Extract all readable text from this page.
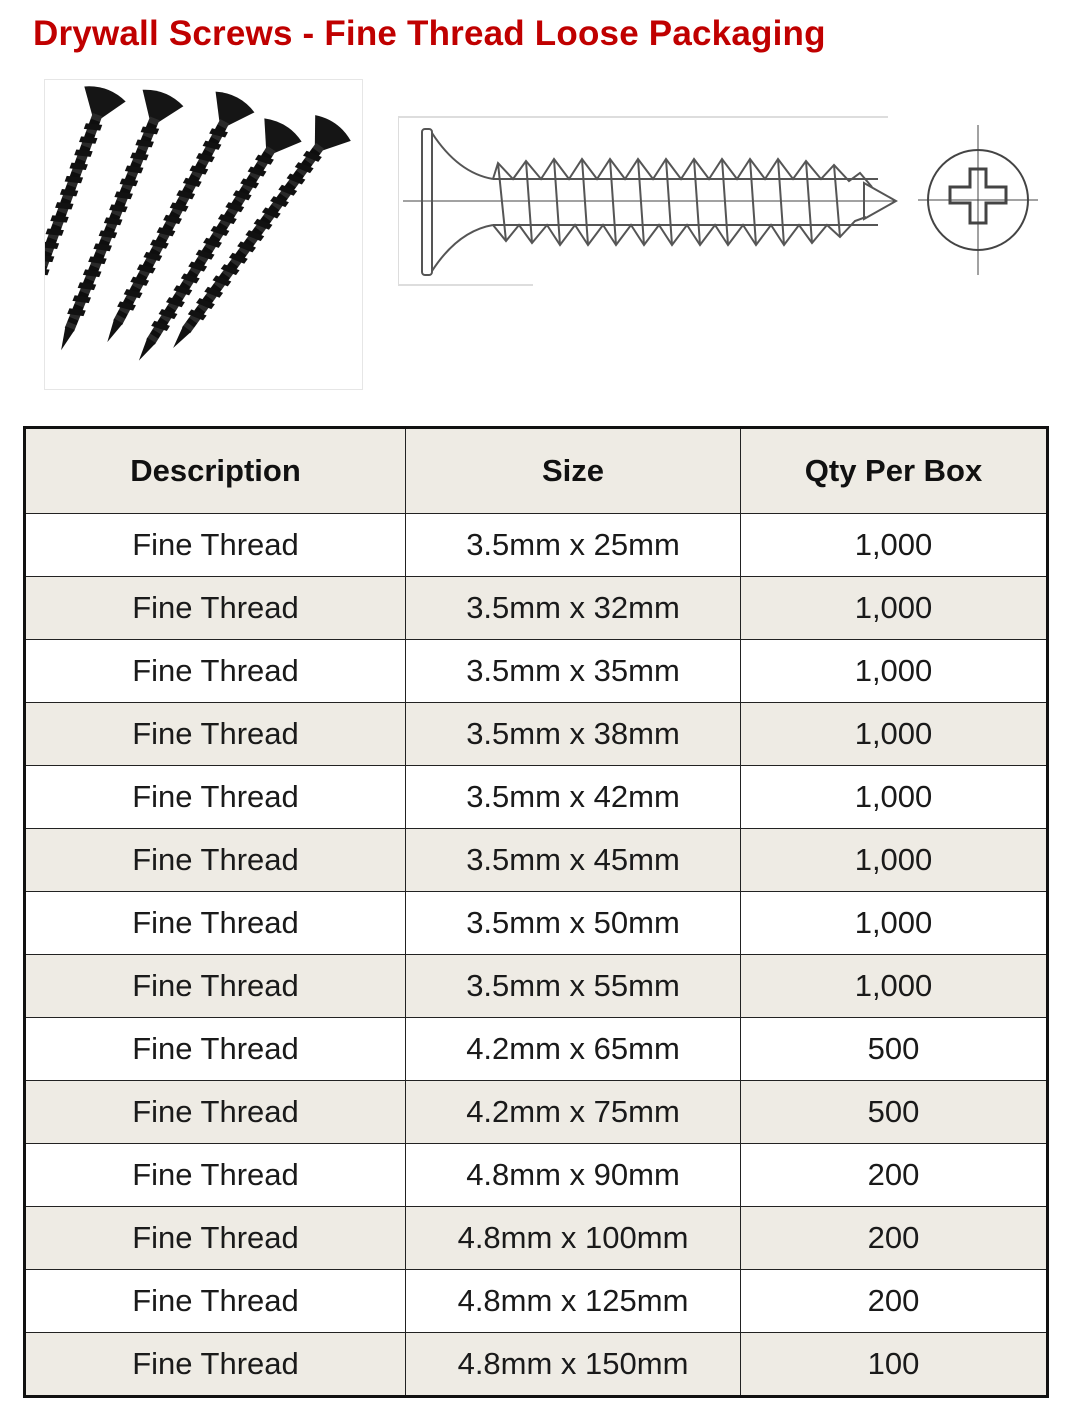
Drywall Screws - Fine Thread Loose Packaging
Description	Size	Qty Per Box
Fine Thread	3.5mm x 25mm	1,000
Fine Thread	3.5mm x 32mm	1,000
Fine Thread	3.5mm x 35mm	1,000
Fine Thread	3.5mm x 38mm	1,000
Fine Thread	3.5mm x 42mm	1,000
Fine Thread	3.5mm x 45mm	1,000
Fine Thread	3.5mm x 50mm	1,000
Fine Thread	3.5mm x 55mm	1,000
Fine Thread	4.2mm x 65mm	500
Fine Thread	4.2mm x 75mm	500
Fine Thread	4.8mm x 90mm	200
Fine Thread	4.8mm x 100mm	200
Fine Thread	4.8mm x 125mm	200
Fine Thread	4.8mm x 150mm	100
